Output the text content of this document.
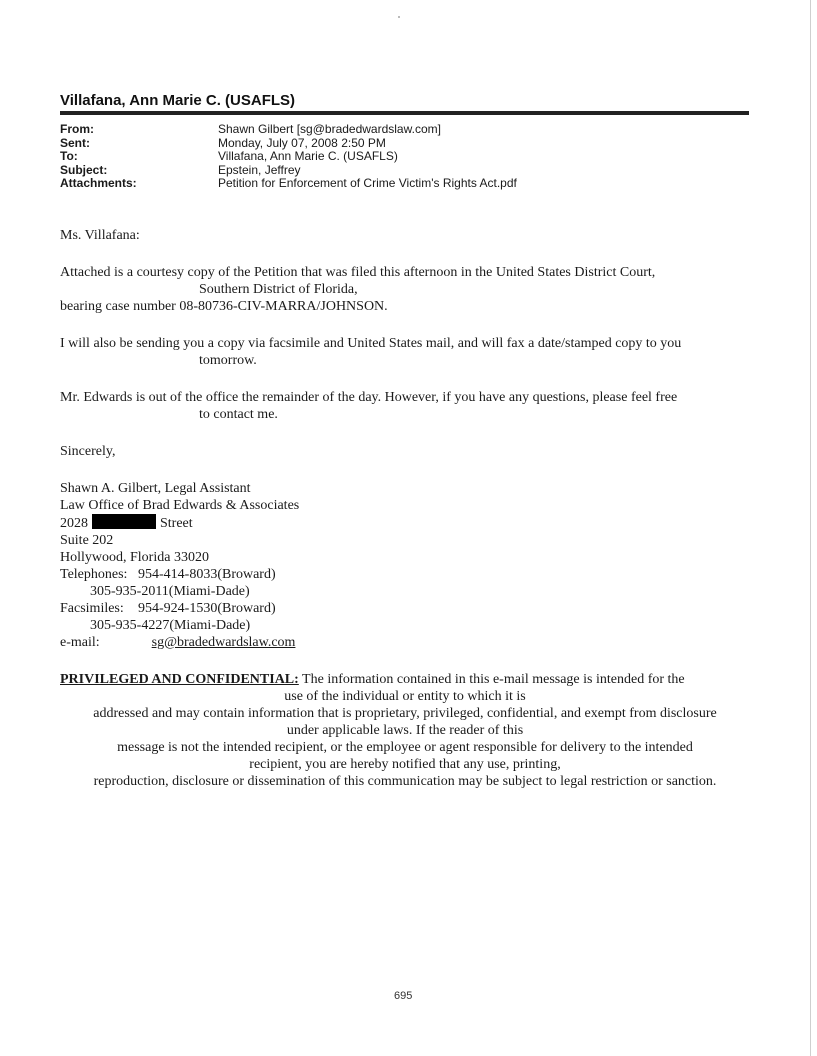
Villafana, Ann Marie C. (USAFLS)
From:	Shawn Gilbert [sg@bradedwardslaw.com]
Sent:	Monday, July 07, 2008 2:50 PM
To:	Villafana, Ann Marie C. (USAFLS)
Subject:	Epstein, Jeffrey
Attachments:	Petition for Enforcement of Crime Victim's Rights Act.pdf

Ms. Villafana:

Attached is a courtesy copy of the Petition that was filed this afternoon in the United States District Court,

Southern District of Florida,

bearing case number 08-80736-CIV-MARRA/JOHNSON.

I will also be sending you a copy via facsimile and United States mail, and will fax a date/stamped copy to you

tomorrow.

Mr. Edwards is out of the office the remainder of the day. However, if you have any questions, please feel free

to contact me.

Sincerely,

Shawn A. Gilbert, Legal Assistant

Law Office of Brad Edwards & Associates

2028	Street

Suite 202

Hollywood, Florida 33020

Telephones: 954-414-8033(Broward)

305-935-2011(Miami-Dade)

Facsimiles: 954-924-1530(Broward)

305-935-4227(Miami-Dade)

e-mail:	sg@bradedwardslaw.com

PRIVILEGED AND CONFIDENTIAL: The information contained in this e-mail message is intended for the

use of the individual or entity to which it is

addressed and may contain information that is proprietary, privileged, confidential, and exempt from disclosure

under applicable laws. If the reader of this

message is not the intended recipient, or the employee or agent responsible for delivery to the intended

recipient, you are hereby notified that any use, printing,

reproduction, disclosure or dissemination of this communication may be subject to legal restriction or sanction.

695
